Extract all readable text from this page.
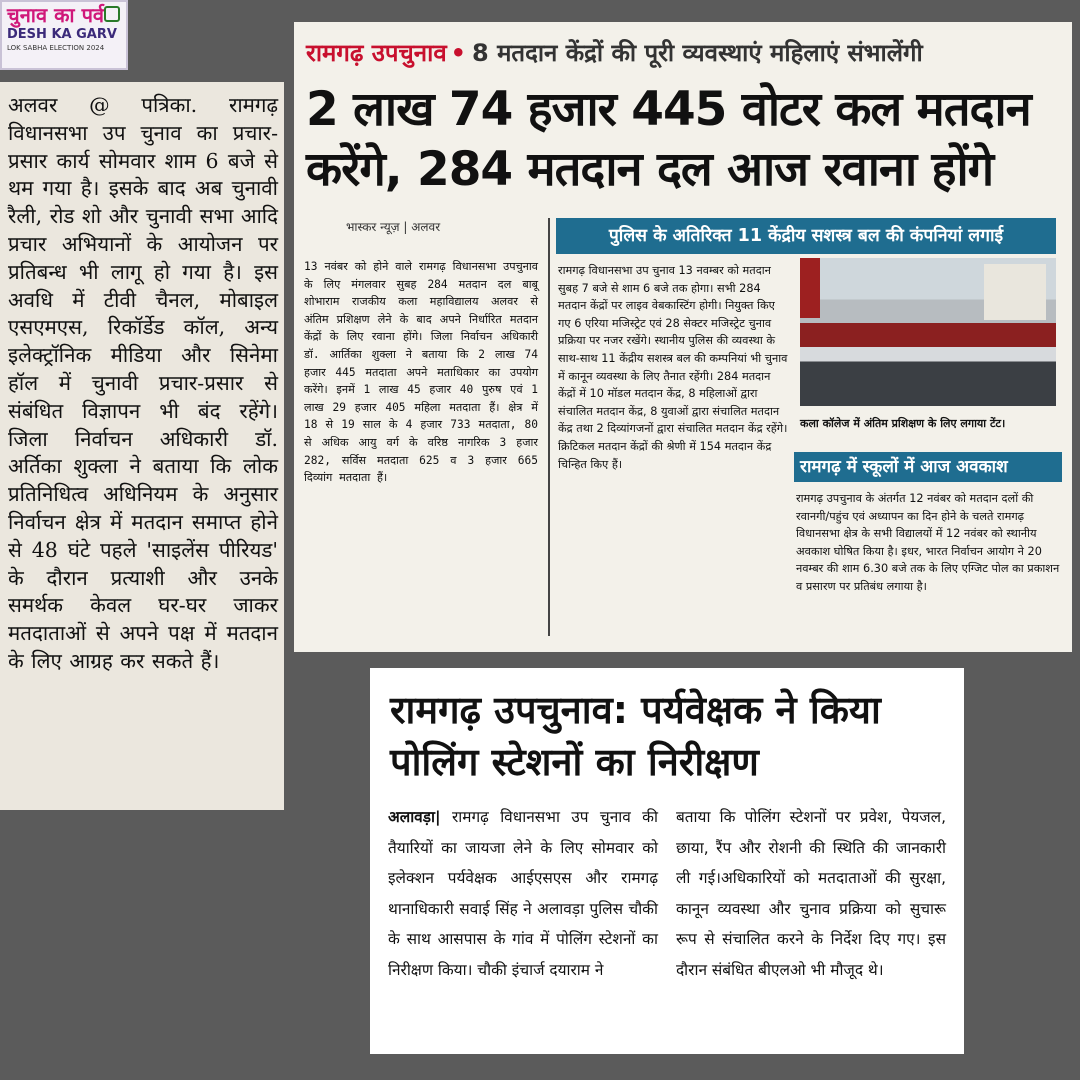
चुनाव का पर्व
DESH KA GARV
LOK SABHA ELECTION 2024

अलवर @ पत्रिका. रामगढ़ विधानसभा उप चुनाव का प्रचार-प्रसार कार्य सोमवार शाम 6 बजे से थम गया है। इसके बाद अब चुनावी रैली, रोड शो और चुनावी सभा आदि प्रचार अभियानों के आयोजन पर प्रतिबन्ध भी लागू हो गया है। इस अवधि में टीवी चैनल, मोबाइल एसएमएस, रिकॉर्डेड कॉल, अन्य इलेक्ट्रॉनिक मीडिया और सिनेमा हॉल में चुनावी प्रचार-प्रसार से संबंधित विज्ञापन भी बंद रहेंगे। जिला निर्वाचन अधिकारी डॉ. अर्तिका शुक्ला ने बताया कि लोक प्रतिनिधित्व अधिनियम के अनुसार निर्वाचन क्षेत्र में मतदान समाप्त होने से 48 घंटे पहले 'साइलेंस पीरियड' के दौरान प्रत्याशी और उनके समर्थक केवल घर-घर जाकर मतदाताओं से अपने पक्ष में मतदान के लिए आग्रह कर सकते हैं।

रामगढ़ उपचुनाव • 8 मतदान केंद्रों की पूरी व्यवस्थाएं महिलाएं संभालेंगी
2 लाख 74 हजार 445 वोटर कल मतदान करेंगे, 284 मतदान दल आज रवाना होंगे
भास्कर न्यूज़ | अलवर
13 नवंबर को होने वाले रामगढ़ विधानसभा उपचुनाव के लिए मंगलवार सुबह 284 मतदान दल बाबू शोभाराम राजकीय कला महाविद्यालय अलवर से अंतिम प्रशिक्षण लेने के बाद अपने निर्धारित मतदान केंद्रों के लिए रवाना होंगे। जिला निर्वाचन अधिकारी डॉ. आर्तिका शुक्ला ने बताया कि 2 लाख 74 हजार 445 मतदाता अपने मताधिकार का उपयोग करेंगे। इनमें 1 लाख 45 हजार 40 पुरुष एवं 1 लाख 29 हजार 405 महिला मतदाता हैं। क्षेत्र में 18 से 19 साल के 4 हजार 733 मतदाता, 80 से अधिक आयु वर्ग के वरिष्ठ नागरिक 3 हजार 282, सर्विस मतदाता 625 व 3 हजार 665 दिव्यांग मतदाता हैं।
पुलिस के अतिरिक्त 11 केंद्रीय सशस्त्र बल की कंपनियां लगाई
रामगढ़ विधानसभा उप चुनाव 13 नवम्बर को मतदान सुबह 7 बजे से शाम 6 बजे तक होगा। सभी 284 मतदान केंद्रों पर लाइव वेबकास्टिंग होगी। नियुक्त किए गए 6 एरिया मजिस्ट्रेट एवं 28 सेक्टर मजिस्ट्रेट चुनाव प्रक्रिया पर नजर रखेंगे। स्थानीय पुलिस की व्यवस्था के साथ-साथ 11 केंद्रीय सशस्त्र बल की कम्पनियां भी चुनाव में कानून व्यवस्था के लिए तैनात रहेंगी। 284 मतदान केंद्रों में 10 मॉडल मतदान केंद्र, 8 महिलाओं द्वारा संचालित मतदान केंद्र, 8 युवाओं द्वारा संचालित मतदान केंद्र तथा 2 दिव्यांगजनों द्वारा संचालित मतदान केंद्र रहेंगे। क्रिटिकल मतदान केंद्रों की श्रेणी में 154 मतदान केंद्र चिन्हित किए हैं।
कला कॉलेज में अंतिम प्रशिक्षण के लिए लगाया टेंट।
रामगढ़ में स्कूलों में आज अवकाश
रामगढ़ उपचुनाव के अंतर्गत 12 नवंबर को मतदान दलों की रवानगी/पहुंच एवं अध्यापन का दिन होने के चलते रामगढ़ विधानसभा क्षेत्र के सभी विद्यालयों में 12 नवंबर को स्थानीय अवकाश घोषित किया है। इधर, भारत निर्वाचन आयोग ने 20 नवम्बर की शाम 6.30 बजे तक के लिए एग्जिट पोल का प्रकाशन व प्रसारण पर प्रतिबंध लगाया है।
रामगढ़ उपचुनाव: पर्यवेक्षक ने किया पोलिंग स्टेशनों का निरीक्षण
अलावड़ा| रामगढ़ विधानसभा उप चुनाव की तैयारियों का जायजा लेने के लिए सोमवार को इलेक्शन पर्यवेक्षक आईएसएस और रामगढ़ थानाधिकारी सवाई सिंह ने अलावड़ा पुलिस चौकी के साथ आसपास के गांव में पोलिंग स्टेशनों का निरीक्षण किया। चौकी इंचार्ज दयाराम ने
बताया कि पोलिंग स्टेशनों पर प्रवेश, पेयजल, छाया, रैंप और रोशनी की स्थिति की जानकारी ली गई।अधिकारियों को मतदाताओं की सुरक्षा, कानून व्यवस्था और चुनाव प्रक्रिया को सुचारू रूप से संचालित करने के निर्देश दिए गए। इस दौरान संबंधित बीएलओ भी मौजूद थे।
